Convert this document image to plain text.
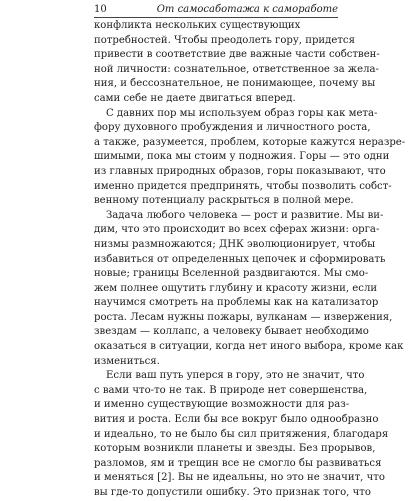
10	От самосаботажа к самоработе

конфликта нескольких существующих
потребностей. Чтобы преодолеть гору, придется
привести в соответствие две важные части собствен-
ной личности: сознательное, ответственное за жела-
ния, и бессознательное, не понимающее, почему вы
сами себе не даете двигаться вперед.

С давних пор мы используем образ горы как мета-
фору духовного пробуждения и личностного роста,
а также, разумеется, проблем, которые кажутся неразре-
шимыми, пока мы стоим у подножия. Горы — это одни
из главных природных образов, горы показывают, что
именно придется предпринять, чтобы позволить собст-
венному потенциалу раскрыться в полной мере.

Задача любого человека — рост и развитие. Мы ви-
дим, что это происходит во всех сферах жизни: орга-
низмы размножаются; ДНК эволюционирует, чтобы
избавиться от определенных цепочек и сформировать
новые; границы Вселенной раздвигаются. Мы смо-
жем полнее ощутить глубину и красоту жизни, если
научимся смотреть на проблемы как на катализатор
роста. Лесам нужны пожары, вулканам — извержения,
звездам — коллапс, а человеку бывает необходимо
оказаться в ситуации, когда нет иного выбора, кроме как
измениться.

Если ваш путь уперся в гору, это не значит, что
с вами что-то не так. В природе нет совершенства,
и именно существующие возможности для раз-
вития и роста. Если бы все вокруг было однообразно
и идеально, то не было бы сил притяжения, благодаря
которым возникли планеты и звезды. Без прорывов,
разломов, ям и трещин все не смогло бы развиваться
и меняться [2]. Вы не идеальны, но это не значит, что
вы где-то допустили ошибку. Это признак того, что
